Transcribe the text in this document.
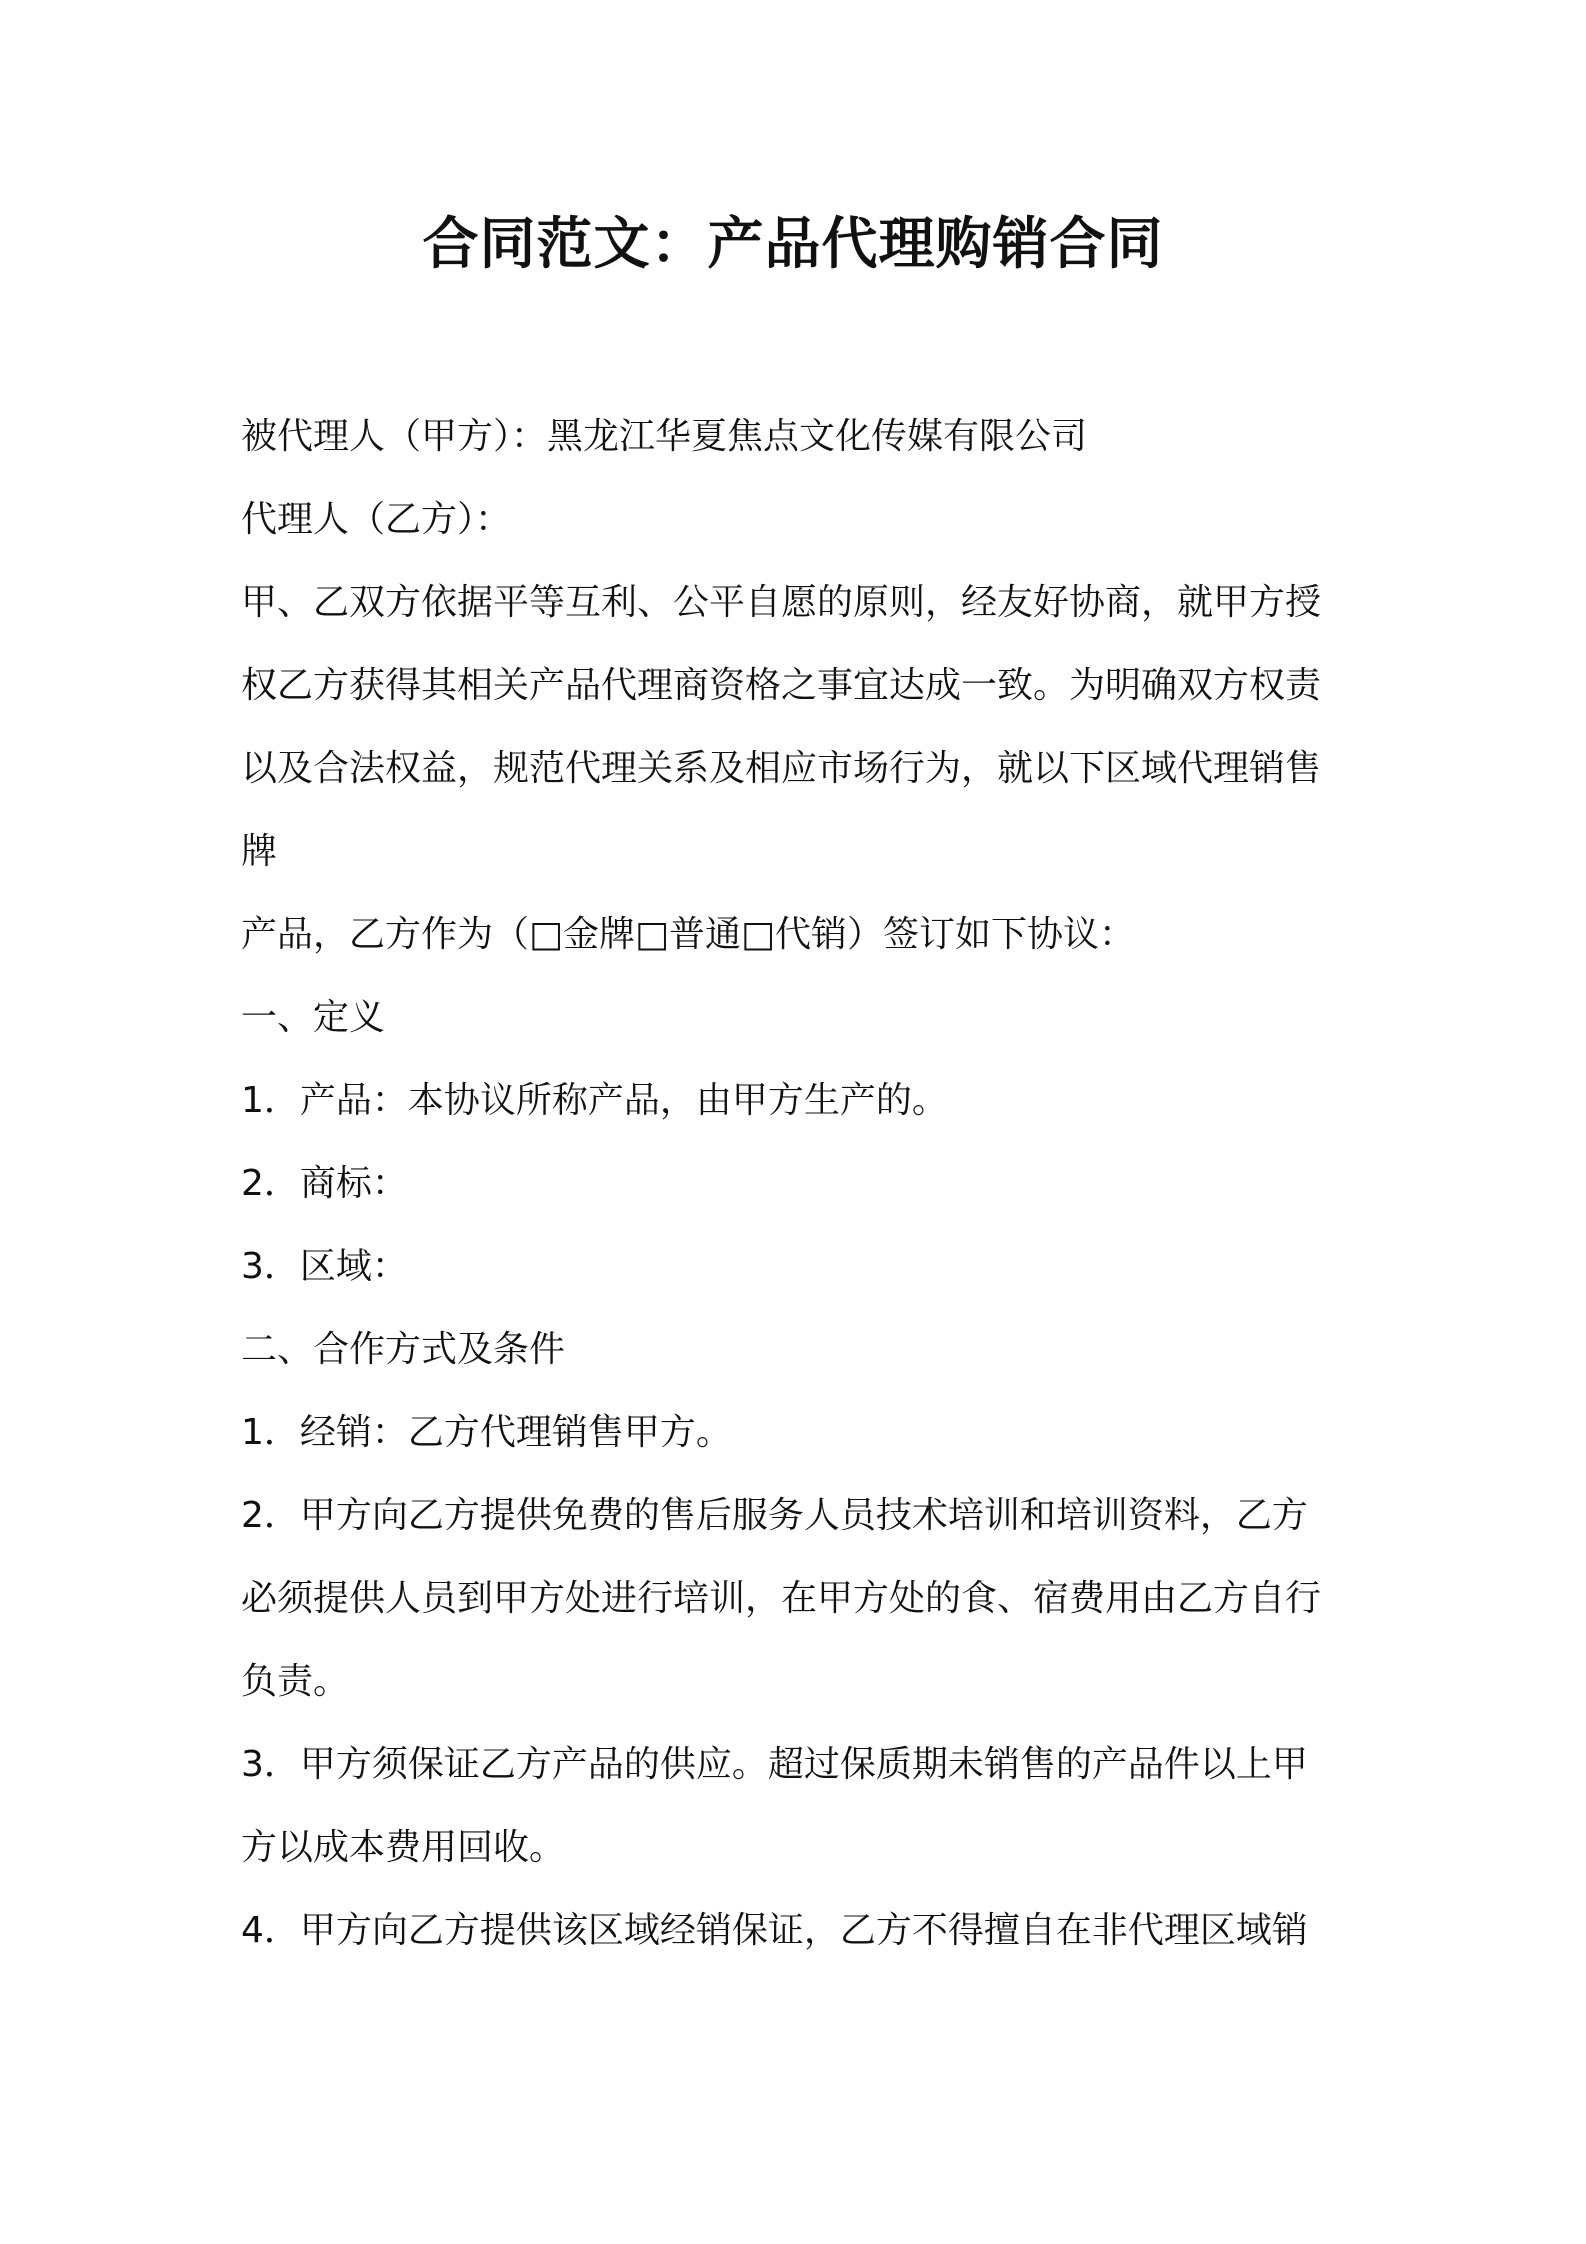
合同范文：产品代理购销合同
被代理人（甲方）：黑龙江华夏焦点文化传媒有限公司
代理人（乙方）：
甲、乙双方依据平等互利、公平自愿的原则，经友好协商，就甲方授
权乙方获得其相关产品代理商资格之事宜达成一致。为明确双方权责
以及合法权益，规范代理关系及相应市场行为，就以下区域代理销售
牌
产品，乙方作为（□金牌□普通□代销）签订如下协议：
一、定义
1．产品：本协议所称产品，由甲方生产的。
2．商标：
3．区域：
二、合作方式及条件
1．经销：乙方代理销售甲方。
2．甲方向乙方提供免费的售后服务人员技术培训和培训资料，乙方
必须提供人员到甲方处进行培训，在甲方处的食、宿费用由乙方自行
负责。
3．甲方须保证乙方产品的供应。超过保质期未销售的产品件以上甲
方以成本费用回收。
4．甲方向乙方提供该区域经销保证，乙方不得擅自在非代理区域销
